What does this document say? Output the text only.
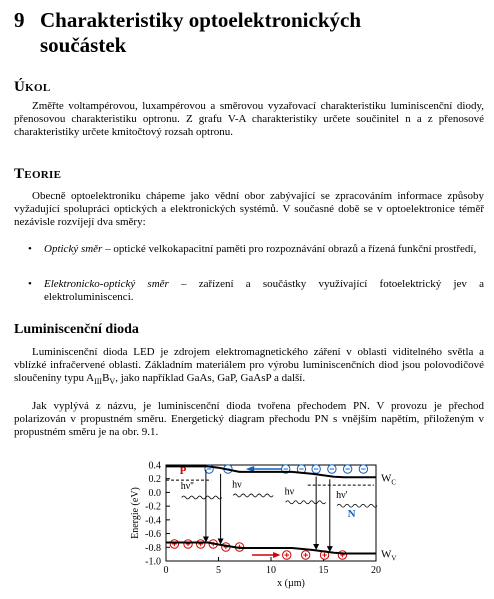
9 Charakteristiky optoelektronických
součástek
Úkol
Změřte voltampérovou, luxampérovou a směrovou vyzařovací charakteristiku luminiscenční diody, přenosovou charakteristiku optronu. Z grafu V-A charakteristiky určete součinitel n a z přenosové charakteristiky určete kmitočtový rozsah optronu.
Teorie
Obecně optoelektroniku chápeme jako vědní obor zabývající se zpracováním informace způsoby vyžadující spolupráci optických a elektronických systémů. V současné době se v optoelektronice téměř nezávisle rozvíjejí dva směry:
• Optický směr – optické velkokapacitní paměti pro rozpoznávání obrazů a řízená funkční prostředí,
• Elektronicko-optický směr – zařízení a součástky využívající fotoelektrický jev a elektroluminiscenci.
Luminiscenční dioda
Luminiscenční dioda LED je zdrojem elektromagnetického záření v oblasti viditelného světla a vblízké infračervené oblasti. Základním materiálem pro výrobu luminiscenčních diod jsou polovodičové sloučeniny typu $A_{III}B_V$, jako například GaAs, GaP, GaAsP a další.
Jak vyplývá z názvu, je luminiscenční dioda tvořena přechodem PN. V provozu je přechod polarizován v propustném směru. Energetický diagram přechodu PN s vnějším napětím, přiloženým v propustném směru je na obr. 9.1.
0.4
0.2
0.0
-0.2
-0.4
-0.6
-0.8
-1.0
0	5	10	15	20
x (µm)
Energie (eV)
P
N
hν''	hν
hν	hν'
$W_C$
$W_V$
